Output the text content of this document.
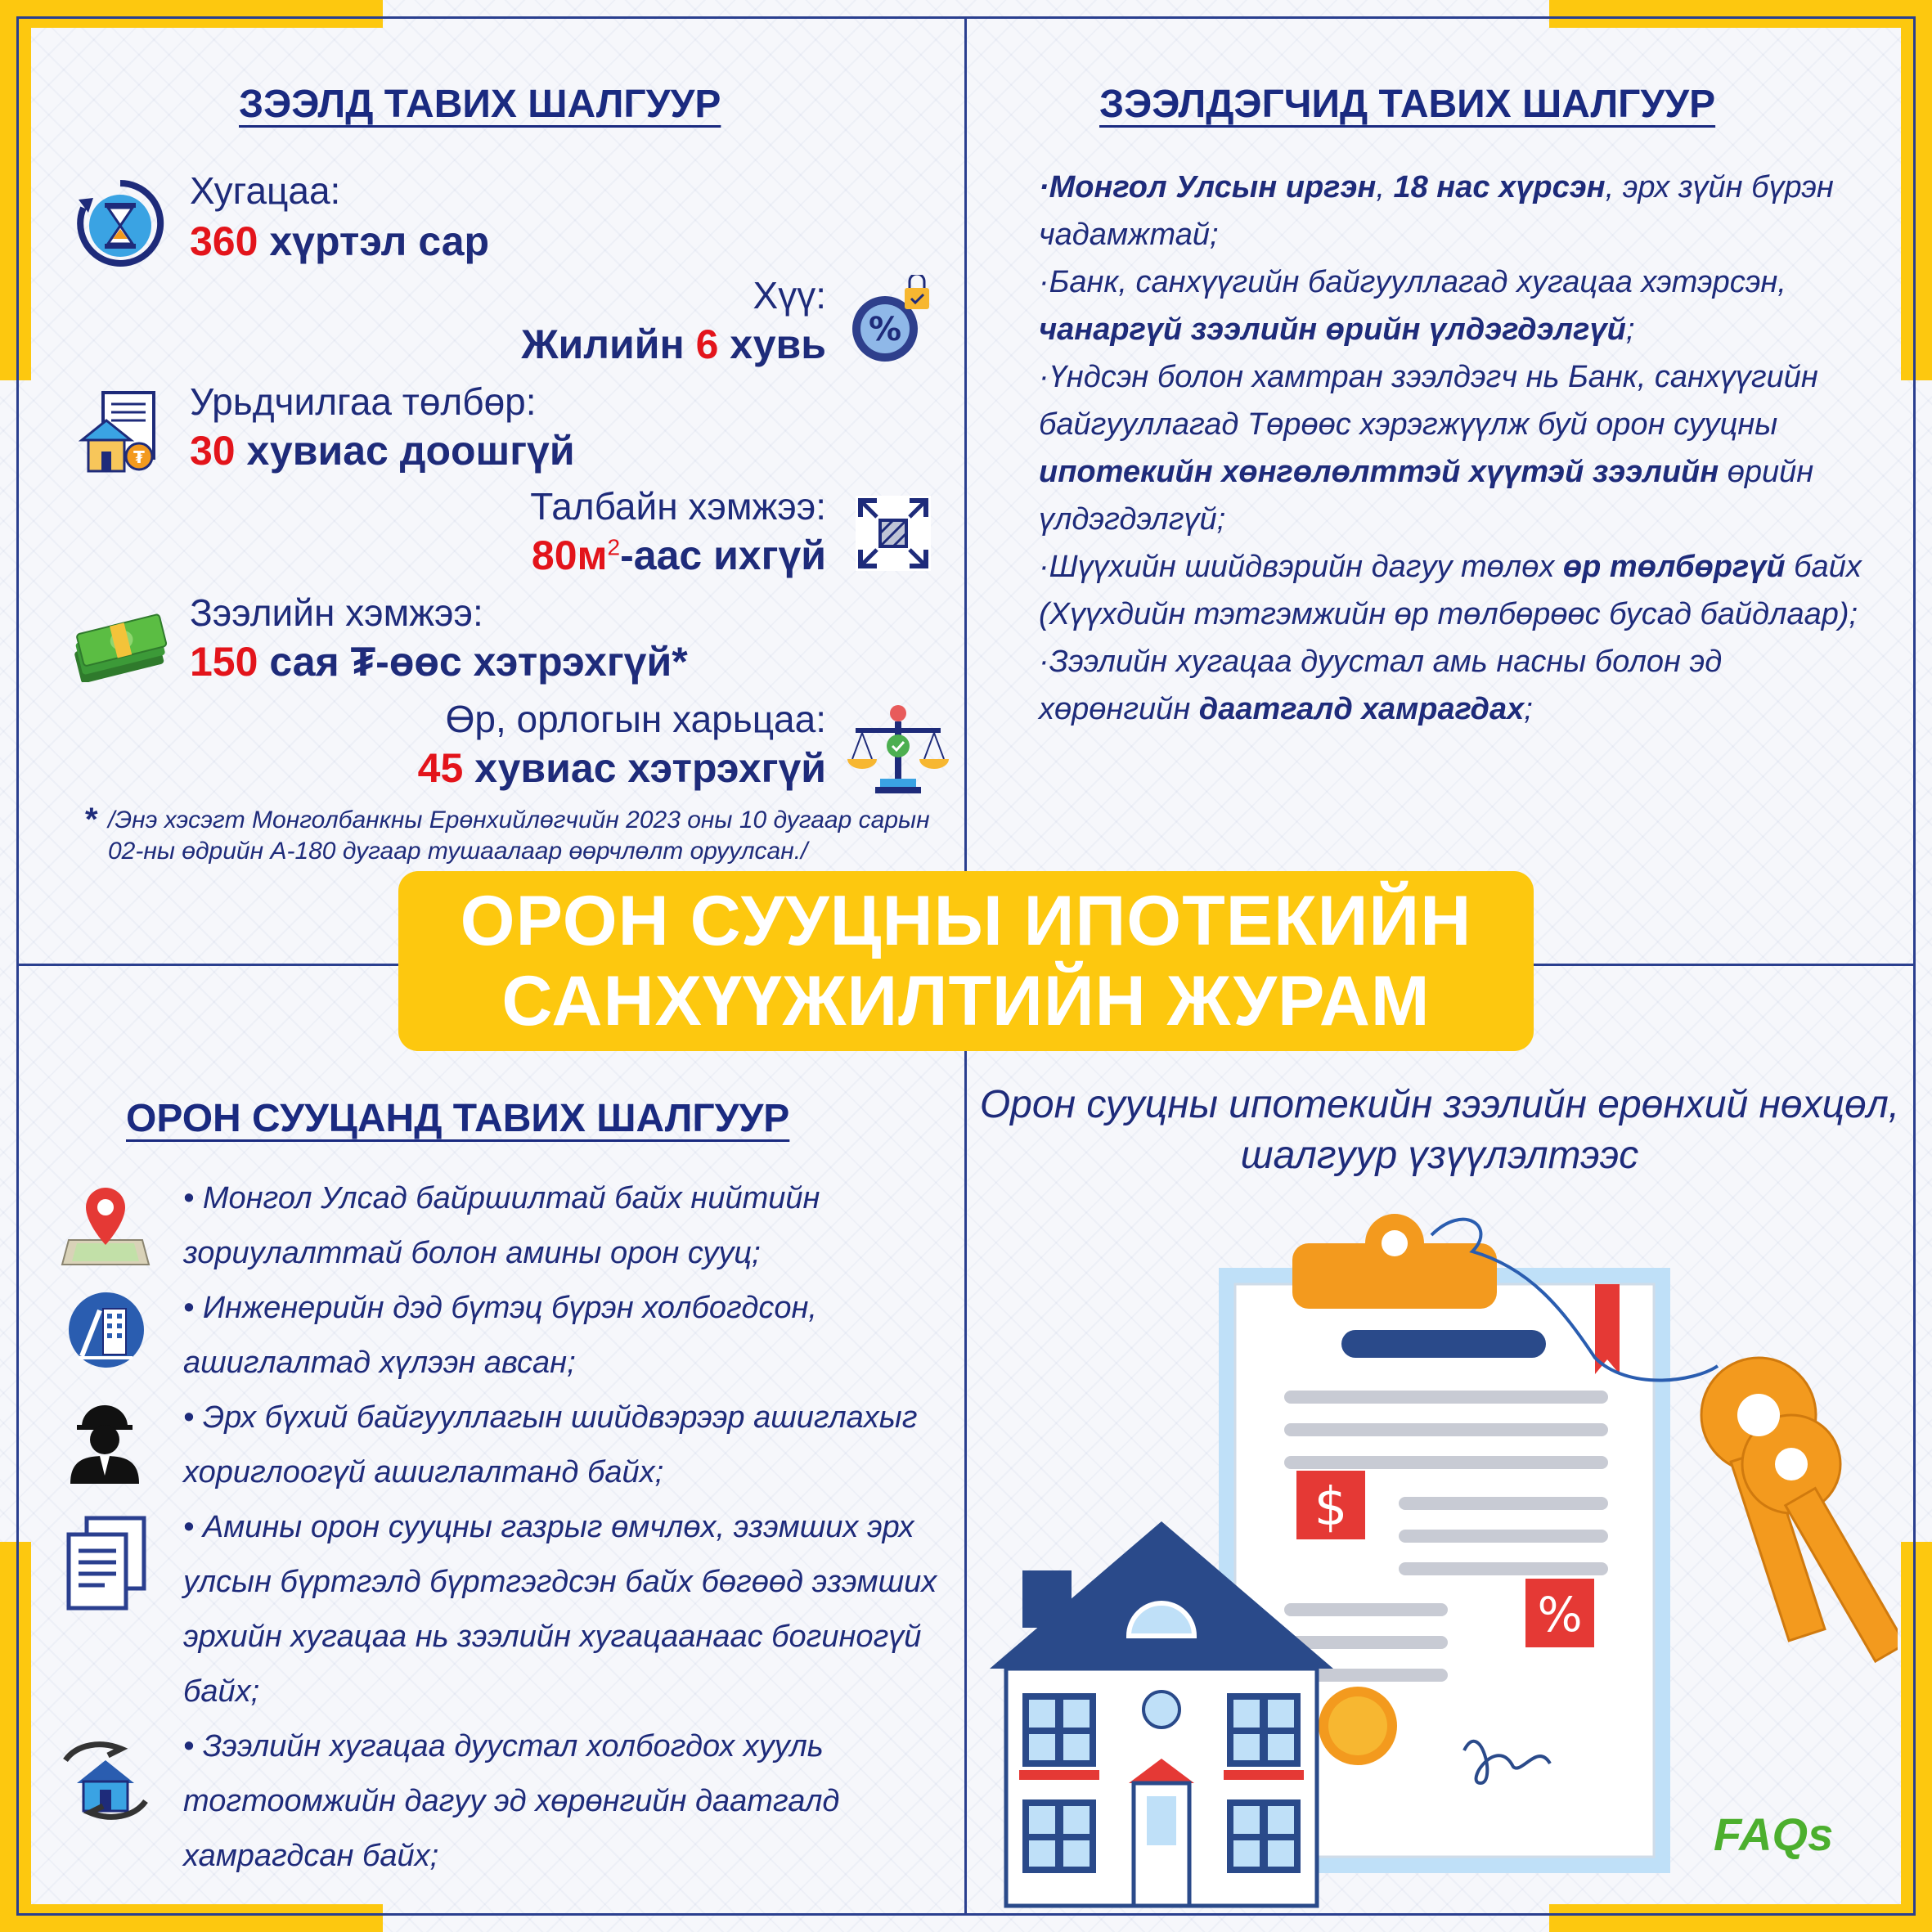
ЗЭЭЛД ТАВИХ ШАЛГУУР
Хугацаа:
360 хүртэл сар
Хүү:
Жилийн 6 хувь %
₮
Урьдчилгаа төлбөр:
30 хувиас доошгүй
Талбайн хэмжээ:
$80м^2$-аас ихгүй
Зээлийн хэмжээ:
150 сая ₮-өөс хэтрэхгүй*
Өр, орлогын харьцаа:
45 хувиас хэтрэхгүй
* /Энэ хэсэгт Монголбанкны Ерөнхийлөгчийн 2023 оны 10 дугаар сарын 02-ны өдрийн А-180 дугаар тушаалаар өөрчлөлт оруулсан./
ЗЭЭЛДЭГЧИД ТАВИХ ШАЛГУУР

·Монгол Улсын иргэн, 18 нас хүрсэн, эрх зүйн бүрэн чадамжтай;

·Банк, санхүүгийн байгууллагад хугацаа хэтэрсэн, чанаргүй зээлийн өрийн үлдэгдэлгүй;

·Үндсэн болон хамтран зээлдэгч нь Банк, санхүүгийн байгууллагад Төрөөс хэрэгжүүлж буй орон сууцны ипотекийн хөнгөлөлттэй хүүтэй зээлийн өрийн үлдэгдэлгүй;

·Шүүхийн шийдвэрийн дагуу төлөх өр төлбөргүй байх (Хүүхдийн тэтгэмжийн өр төлбөрөөс бусад байдлаар);

·Зээлийн хугацаа дуустал амь насны болон эд хөрөнгийн даатгалд хамрагдах;

ОРОН СУУЦНЫ ИПОТЕКИЙН
САНХҮҮЖИЛТИЙН ЖУРАМ
ОРОН СУУЦАНД ТАВИХ ШАЛГУУР

• Монгол Улсад байршилтай байх нийтийн зориулалттай болон амины орон сууц;

• Инженерийн дэд бүтэц бүрэн холбогдсон, ашиглалтад хүлээн авсан;

• Эрх бүхий байгууллагын шийдвэрээр ашиглахыг хориглоогүй ашиглалтанд байх;

• Амины орон сууцны газрыг өмчлөх, эзэмших эрх улсын бүртгэлд бүртгэгдсэн байх бөгөөд эзэмших эрхийн хугацаа нь зээлийн хугацаанаас богиногүй байх;

• Зээлийн хугацаа дуустал холбогдох хууль тогтоомжийн дагуу эд хөрөнгийн даатгалд хамрагдсан байх;

Орон сууцны ипотекийн зээлийн ерөнхий нөхцөл, шалгуур үзүүлэлтээс
$
%
FAQs
